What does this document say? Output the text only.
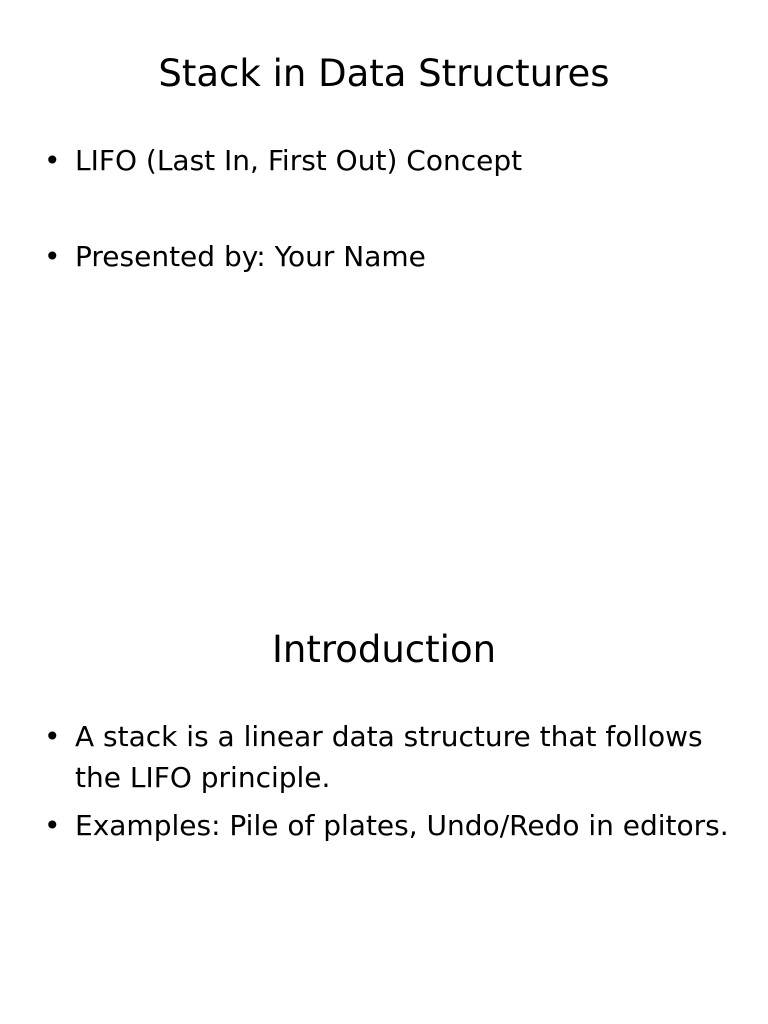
Stack in Data Structures
• LIFO (Last In, First Out) Concept
• Presented by: Your Name
Introduction
• A stack is a linear data structure that follows the LIFO principle.
• Examples: Pile of plates, Undo/Redo in editors.
